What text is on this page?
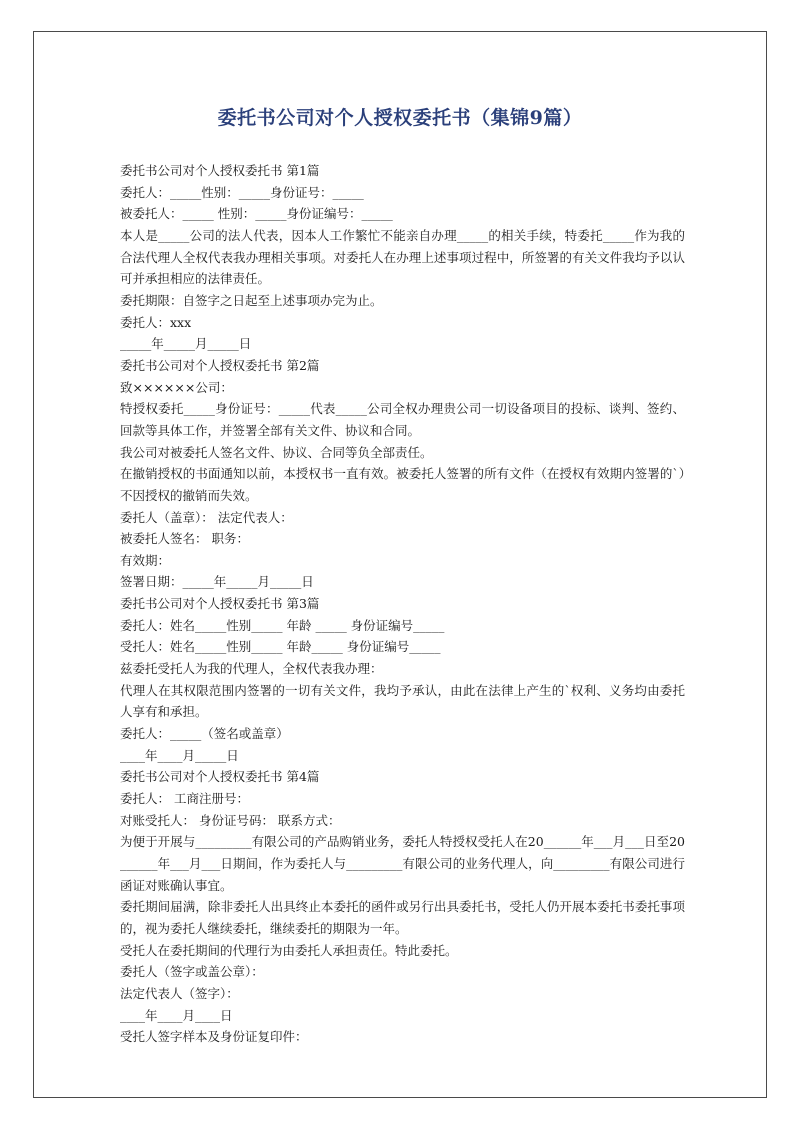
委托书公司对个人授权委托书（集锦9篇）

委托书公司对个人授权委托书 第1篇

委托人：_____性别：_____身份证号：_____

被委托人：_____ 性别：_____身份证编号：_____

本人是_____公司的法人代表，因本人工作繁忙不能亲自办理_____的相关手续，特委托_____作为我的合法代理人全权代表我办理相关事项。对委托人在办理上述事项过程中，所签署的有关文件我均予以认可并承担相应的法律责任。

委托期限：自签字之日起至上述事项办完为止。

委托人：xxx

_____年_____月_____日

委托书公司对个人授权委托书 第2篇

致××××××公司：

特授权委托_____身份证号：_____代表_____公司全权办理贵公司一切设备项目的投标、谈判、签约、回款等具体工作，并签署全部有关文件、协议和合同。

我公司对被委托人签名文件、协议、合同等负全部责任。

在撤销授权的书面通知以前，本授权书一直有效。被委托人签署的所有文件（在授权有效期内签署的`）不因授权的撤销而失效。

委托人（盖章）： 法定代表人：

被委托人签名： 职务：

有效期：

签署日期：_____年_____月_____日

委托书公司对个人授权委托书 第3篇

委托人：姓名_____性别_____ 年龄 _____ 身份证编号_____

受托人：姓名_____性别_____ 年龄_____ 身份证编号_____

兹委托受托人为我的代理人，全权代表我办理：

代理人在其权限范围内签署的一切有关文件，我均予承认，由此在法律上产生的`权利、义务均由委托人享有和承担。

委托人：_____（签名或盖章）

____年____月_____日

委托书公司对个人授权委托书 第4篇

委托人： 工商注册号：

对账受托人： 身份证号码： 联系方式：

为便于开展与_________有限公司的产品购销业务，委托人特授权受托人在20______年___月___日至20______年___月___日期间，作为委托人与_________有限公司的业务代理人，向_________有限公司进行函证对账确认事宜。

委托期间届满，除非委托人出具终止本委托的函件或另行出具委托书，受托人仍开展本委托书委托事项的，视为委托人继续委托，继续委托的期限为一年。

受托人在委托期间的代理行为由委托人承担责任。特此委托。

委托人（签字或盖公章）：

法定代表人（签字）：

____年____月____日

受托人签字样本及身份证复印件：
